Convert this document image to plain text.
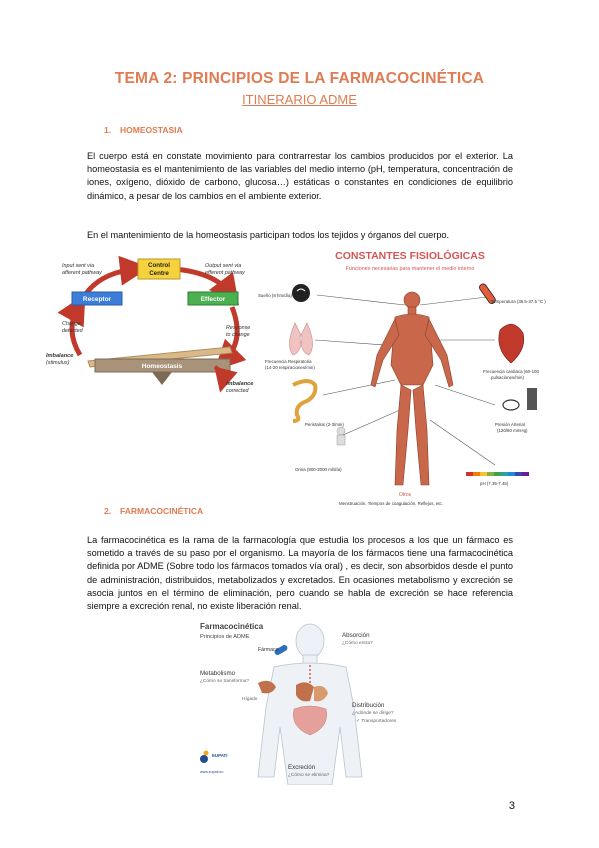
TEMA 2: PRINCIPIOS DE LA FARMACOCINÉTICA
ITINERARIO ADME
1. HOMEOSTASIA
El cuerpo está en constate movimiento para contrarrestar los cambios producidos por el exterior. La homeostasia es el mantenimiento de las variables del medio interno (pH, temperatura, concentración de iones, oxígeno, dióxido de carbono, glucosa…) estáticas o constantes en condiciones de equilibrio dinámico, a pesar de los cambios en el ambiente exterior.
En el mantenimiento de la homeostasis participan todos los tejidos y órganos del cuerpo.
Control
Centre
Receptor	Effector
Input sent via
afferent pathway
Output sent via
efferent pathway
Change
detected	Response
to change
Imbalance
(stimulus)	Homeostasis
Imbalance
corrected
CONSTANTES FISIOLÓGICAS
Funciones necesarias para mantener el medio interno
Sueño (8 hrs/día)
Temperatura (36.5-37.5 °C )
Frecuencia Respiratoria
(14-20 respiraciones/min)
Frecuencia cardiaca (60-100
pulsaciones/min)
Peristalsis (2-3/min)	Presión Arterial
(120/80 mmHg)
Orina (800-2000 ml/día)
pH (7.35-7.45)
Otros
Menstruación, Tiempos de coagulación, Reflejos, etc.
2. FARMACOCINÉTICA
La farmacocinética es la rama de la farmacología que estudia los procesos a los que un fármaco es sometido a través de su paso por el organismo. La mayoría de los fármacos tiene una farmacocinética definida por ADME (Sobre todo los fármacos tomados vía oral) , es decir, son absorbidos desde el punto de administración, distribuidos, metabolizados y excretados. En ocasiones metabolismo y excreción se asocia juntos en el término de eliminación, pero cuando se habla de excreción se hace referencia siempre a excreción renal, no existe liberación renal.
Farmacocinética
Principios de ADME
Fármaco
Absorción
¿Cómo entra?
Metabolismo
¿Cómo se transforma?
Hígado
Distribución
¿Adónde se dirige?
✓ Transportadores
Excreción
¿Cómo se elimina?
EUPATI
www.eupati.eu
3
